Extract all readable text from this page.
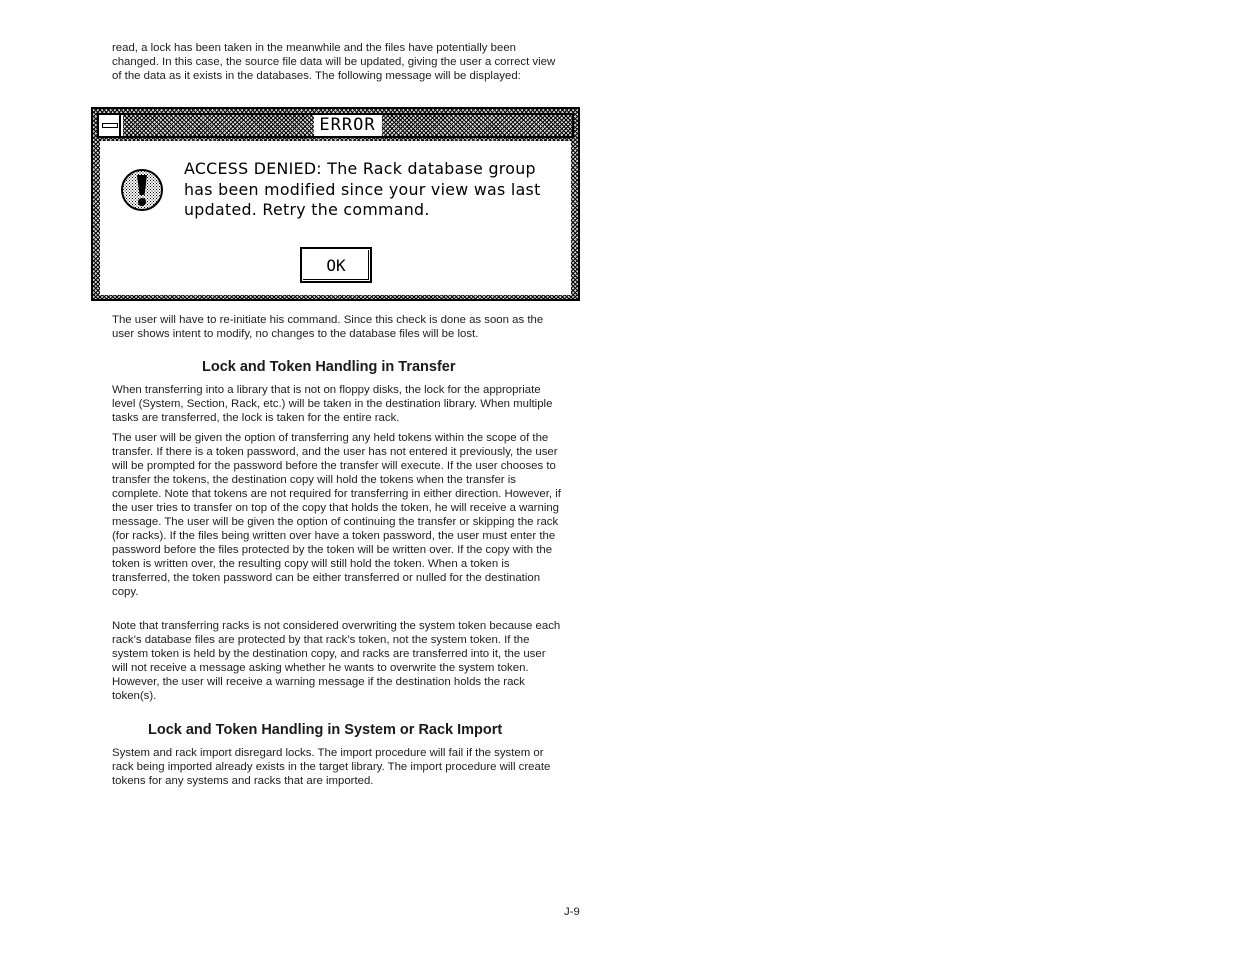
read, a lock has been taken in the meanwhile and the files have potentially been changed. In this case, the source file data will be updated, giving the user a correct view of the data as it exists in the databases. The following message will be displayed:

ERROR

ACCESS DENIED: The Rack database group has been modified since your view was last updated. Retry the command.

OK

The user will have to re-initiate his command. Since this check is done as soon as the user shows intent to modify, no changes to the database files will be lost.

Lock and Token Handling in Transfer

When transferring into a library that is not on floppy disks, the lock for the appropriate level (System, Section, Rack, etc.) will be taken in the destination library. When multiple tasks are transferred, the lock is taken for the entire rack.

The user will be given the option of transferring any held tokens within the scope of the transfer. If there is a token password, and the user has not entered it previously, the user will be prompted for the password before the transfer will execute. If the user chooses to transfer the tokens, the destination copy will hold the tokens when the transfer is complete. Note that tokens are not required for transferring in either direction. However, if the user tries to transfer on top of the copy that holds the token, he will receive a warning message. The user will be given the option of continuing the transfer or skipping the rack (for racks). If the files being written over have a token password, the user must enter the password before the files protected by the token will be written over. If the copy with the token is written over, the resulting copy will still hold the token. When a token is transferred, the token password can be either transferred or nulled for the destination copy.

Note that transferring racks is not considered overwriting the system token because each rack’s database files are protected by that rack’s token, not the system token. If the system token is held by the destination copy, and racks are transferred into it, the user will not receive a message asking whether he wants to overwrite the system token. However, the user will receive a warning message if the destination holds the rack token(s).

Lock and Token Handling in System or Rack Import

System and rack import disregard locks. The import procedure will fail if the system or rack being imported already exists in the target library. The import procedure will create tokens for any systems and racks that are imported.

J-9
